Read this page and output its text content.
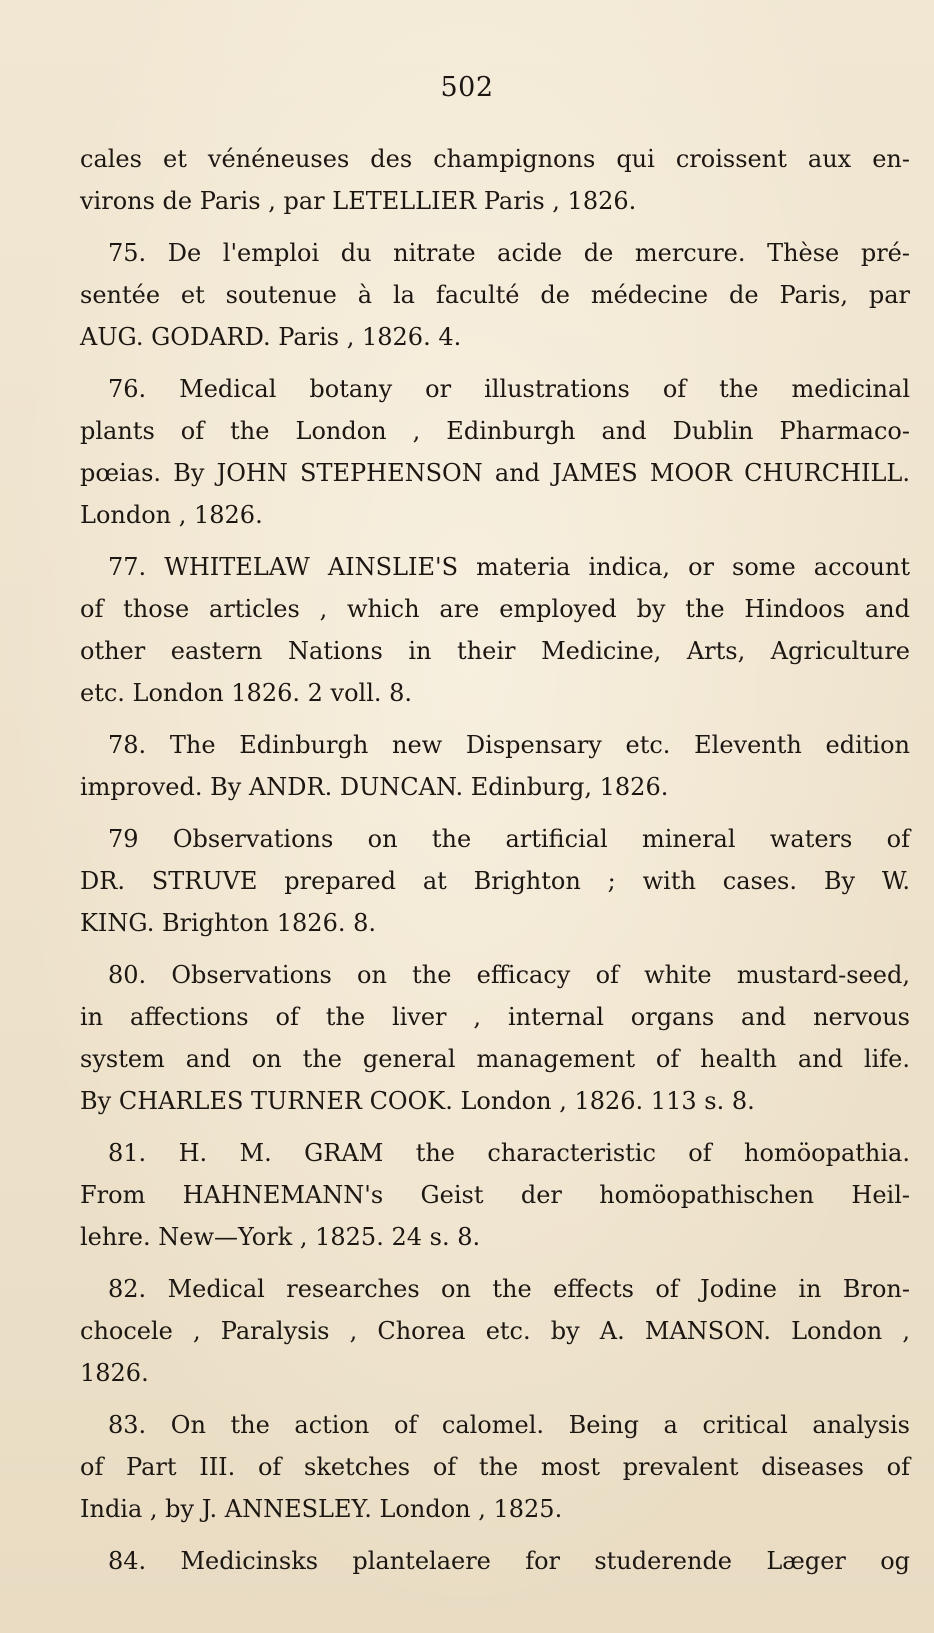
502
cales et vénéneuses des champignons qui croissent aux en-
virons de Paris , par LETELLIER Paris , 1826.
75. De l'emploi du nitrate acide de mercure. Thèse pré-
sentée et soutenue à la faculté de médecine de Paris, par
AUG. GODARD. Paris , 1826. 4.
76. Medical botany or illustrations of the medicinal
plants of the London , Edinburgh and Dublin Pharmaco-
pœias. By JOHN STEPHENSON and JAMES MOOR CHURCHILL.
London , 1826.
77. WHITELAW AINSLIE'S materia indica, or some account
of those articles , which are employed by the Hindoos and
other eastern Nations in their Medicine, Arts, Agriculture
etc. London 1826. 2 voll. 8.
78. The Edinburgh new Dispensary etc. Eleventh edition
improved. By ANDR. DUNCAN. Edinburg, 1826.
79 Observations on the artificial mineral waters of
DR. STRUVE prepared at Brighton ; with cases. By W.
KING. Brighton 1826. 8.
80. Observations on the efficacy of white mustard-seed,
in affections of the liver , internal organs and nervous
system and on the general management of health and life.
By CHARLES TURNER COOK. London , 1826. 113 s. 8.
81. H. M. GRAM the characteristic of homöopathia.
From HAHNEMANN's Geist der homöopathischen Heil-
lehre. New—York , 1825. 24 s. 8.
82. Medical researches on the effects of Jodine in Bron-
chocele , Paralysis , Chorea etc. by A. MANSON. London ,
1826.
83. On the action of calomel. Being a critical analysis
of Part III. of sketches of the most prevalent diseases of
India , by J. ANNESLEY. London , 1825.
84. Medicinsks plantelaere for studerende Læger og
